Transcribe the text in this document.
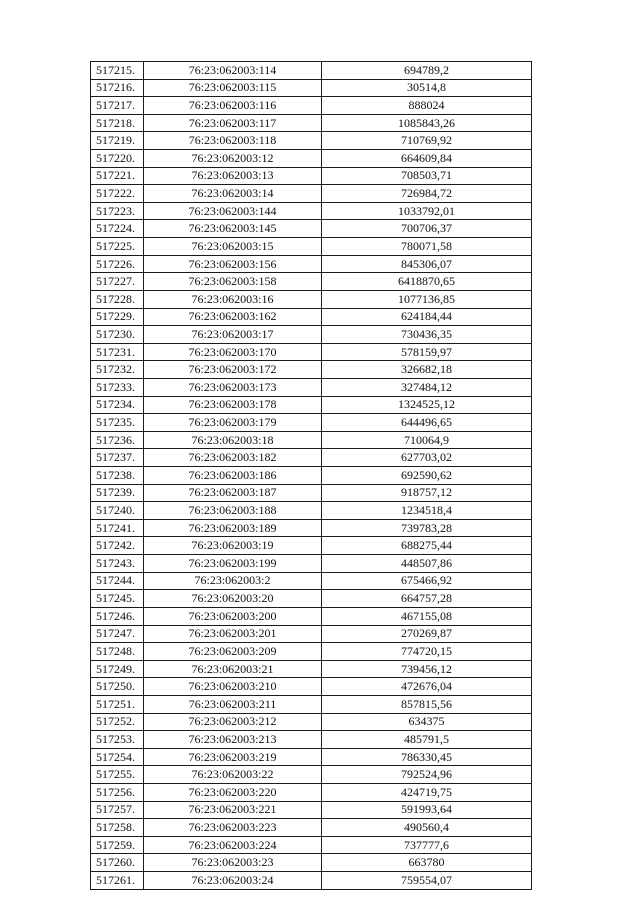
517215.	76:23:062003:114	694789,2
517216.	76:23:062003:115	30514,8
517217.	76:23:062003:116	888024
517218.	76:23:062003:117	1085843,26
517219.	76:23:062003:118	710769,92
517220.	76:23:062003:12	664609,84
517221.	76:23:062003:13	708503,71
517222.	76:23:062003:14	726984,72
517223.	76:23:062003:144	1033792,01
517224.	76:23:062003:145	700706,37
517225.	76:23:062003:15	780071,58
517226.	76:23:062003:156	845306,07
517227.	76:23:062003:158	6418870,65
517228.	76:23:062003:16	1077136,85
517229.	76:23:062003:162	624184,44
517230.	76:23:062003:17	730436,35
517231.	76:23:062003:170	578159,97
517232.	76:23:062003:172	326682,18
517233.	76:23:062003:173	327484,12
517234.	76:23:062003:178	1324525,12
517235.	76:23:062003:179	644496,65
517236.	76:23:062003:18	710064,9
517237.	76:23:062003:182	627703,02
517238.	76:23:062003:186	692590,62
517239.	76:23:062003:187	918757,12
517240.	76:23:062003:188	1234518,4
517241.	76:23:062003:189	739783,28
517242.	76:23:062003:19	688275,44
517243.	76:23:062003:199	448507,86
517244.	76:23:062003:2	675466,92
517245.	76:23:062003:20	664757,28
517246.	76:23:062003:200	467155,08
517247.	76:23:062003:201	270269,87
517248.	76:23:062003:209	774720,15
517249.	76:23:062003:21	739456,12
517250.	76:23:062003:210	472676,04
517251.	76:23:062003:211	857815,56
517252.	76:23:062003:212	634375
517253.	76:23:062003:213	485791,5
517254.	76:23:062003:219	786330,45
517255.	76:23:062003:22	792524,96
517256.	76:23:062003:220	424719,75
517257.	76:23:062003:221	591993,64
517258.	76:23:062003:223	490560,4
517259.	76:23:062003:224	737777,6
517260.	76:23:062003:23	663780
517261.	76:23:062003:24	759554,07
